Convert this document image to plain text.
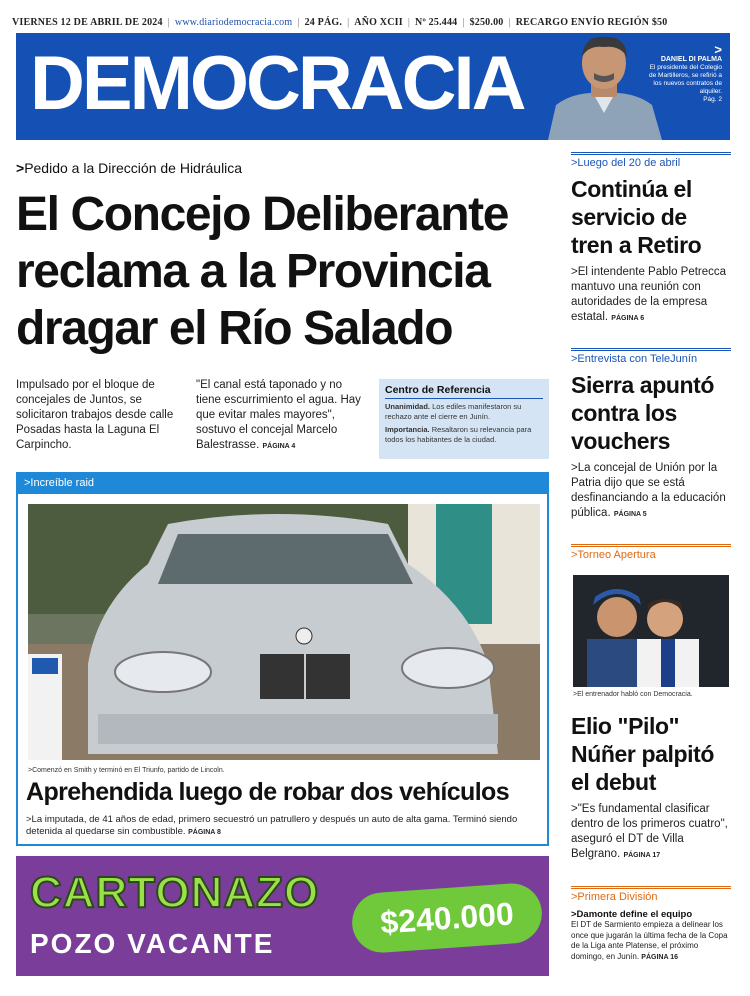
VIERNES 12 DE ABRIL DE 2024 | www.diariodemocracia.com | 24 PÁG. | AÑO XCII | Nº 25.444 | $250.00 | RECARGO ENVÍO REGIÓN $50
DEMOCRACIA	>
DANIEL DI PALMA
El presidente del Colegio de Martilleros, se refirió a los nuevos contratos de alquiler.
Pág. 2
>Pedido a la Dirección de Hidráulica
El Concejo Deliberante reclama a la Provincia dragar el Río Salado
Impulsado por el bloque de concejales de Juntos, se solicitaron trabajos desde calle Posadas hasta la Laguna El Carpincho.
"El canal está taponado y no tiene escurrimiento el agua. Hay que evitar males mayores", sostuvo el concejal Marcelo Balestrasse. PÁGINA 4
Centro de Referencia

Unanimidad. Los ediles manifestaron su rechazo ante el cierre en Junín.

Importancia. Resaltaron su relevancia para todos los habitantes de la ciudad.

>Increíble raid
>Comenzó en Smith y terminó en El Triunfo, partido de Lincoln.
Aprehendida luego de robar dos vehículos
>La imputada, de 41 años de edad, primero secuestró un patrullero y después un auto de alta gama. Terminó siendo detenida al quedarse sin combustible. PÁGINA 8
CARTONAZO
POZO VACANTE
$240.000
>Luego del 20 de abril
Continúa el servicio de tren a Retiro
>El intendente Pablo Petrecca mantuvo una reunión con autoridades de la empresa estatal. PÁGINA 6
>Entrevista con TeleJunín
Sierra apuntó contra los vouchers
>La concejal de Unión por la Patria dijo que se está desfinanciando a la educación pública. PÁGINA 5
>Torneo Apertura
>El entrenador habló con Democracia.
Elio "Pilo" Núñer palpitó el debut
>"Es fundamental clasificar dentro de los primeros cuatro", aseguró el DT de Villa Belgrano. PÁGINA 17
>Primera División
>Damonte define el equipo
El DT de Sarmiento empieza a delinear los once que jugarán la última fecha de la Copa de la Liga ante Platense, el próximo domingo, en Junín. PÁGINA 16
